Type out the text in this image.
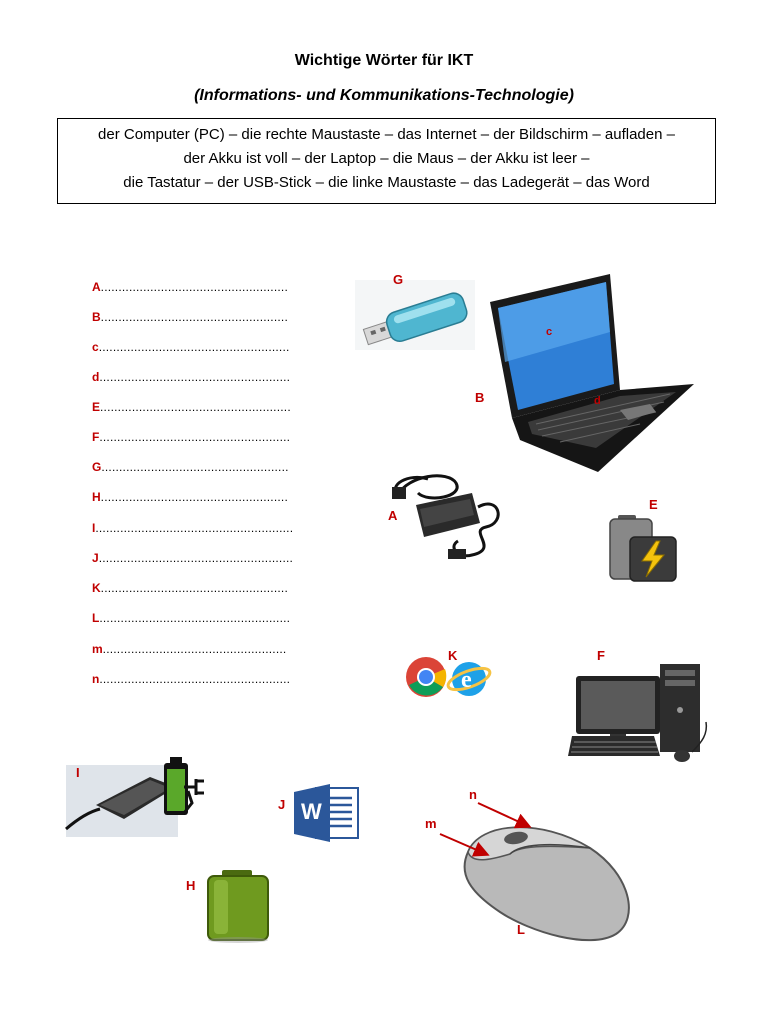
Wichtige Wörter für IKT
(Informations- und Kommunikations-Technologie)
der Computer (PC) – die rechte Maustaste – das Internet – der Bildschirm – aufladen –
der Akku ist voll – der Laptop – die Maus – der Akku ist leer –
die Tastatur – der USB-Stick – die linke Maustaste – das Ladegerät – das Word
A.....................................................
B.....................................................
c......................................................
d......................................................
E......................................................
F......................................................
G.....................................................
H.....................................................
I........................................................
J.......................................................
K.....................................................
L......................................................
m....................................................
n......................................................
G
c
d
B
A
E
e
K	F
I
W
J
H
n
m
L
